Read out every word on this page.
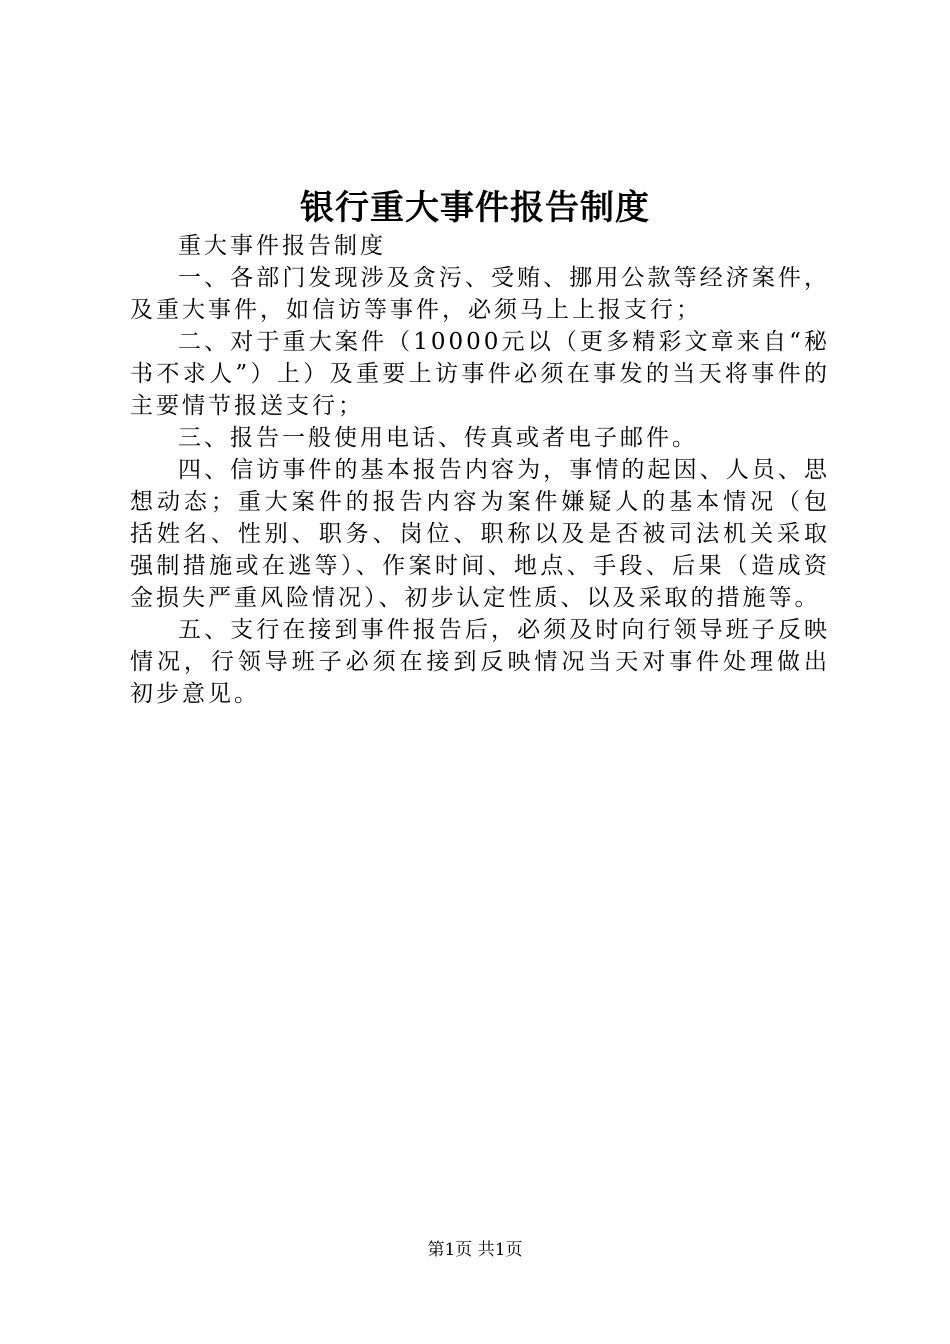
银行重大事件报告制度

重大事件报告制度

一、各部门发现涉及贪污、受贿、挪用公款等经济案件，及重大事件，如信访等事件，必须马上上报支行；

二、对于重大案件（10000元以（更多精彩文章来自“秘书不求人”）上）及重要上访事件必须在事发的当天将事件的主要情节报送支行；

三、报告一般使用电话、传真或者电子邮件。

四、信访事件的基本报告内容为，事情的起因、人员、思想动态；重大案件的报告内容为案件嫌疑人的基本情况（包括姓名、性别、职务、岗位、职称以及是否被司法机关采取强制措施或在逃等）、作案时间、地点、手段、后果（造成资金损失严重风险情况）、初步认定性质、以及采取的措施等。

五、支行在接到事件报告后，必须及时向行领导班子反映情况，行领导班子必须在接到反映情况当天对事件处理做出初步意见。

第1页 共1页
